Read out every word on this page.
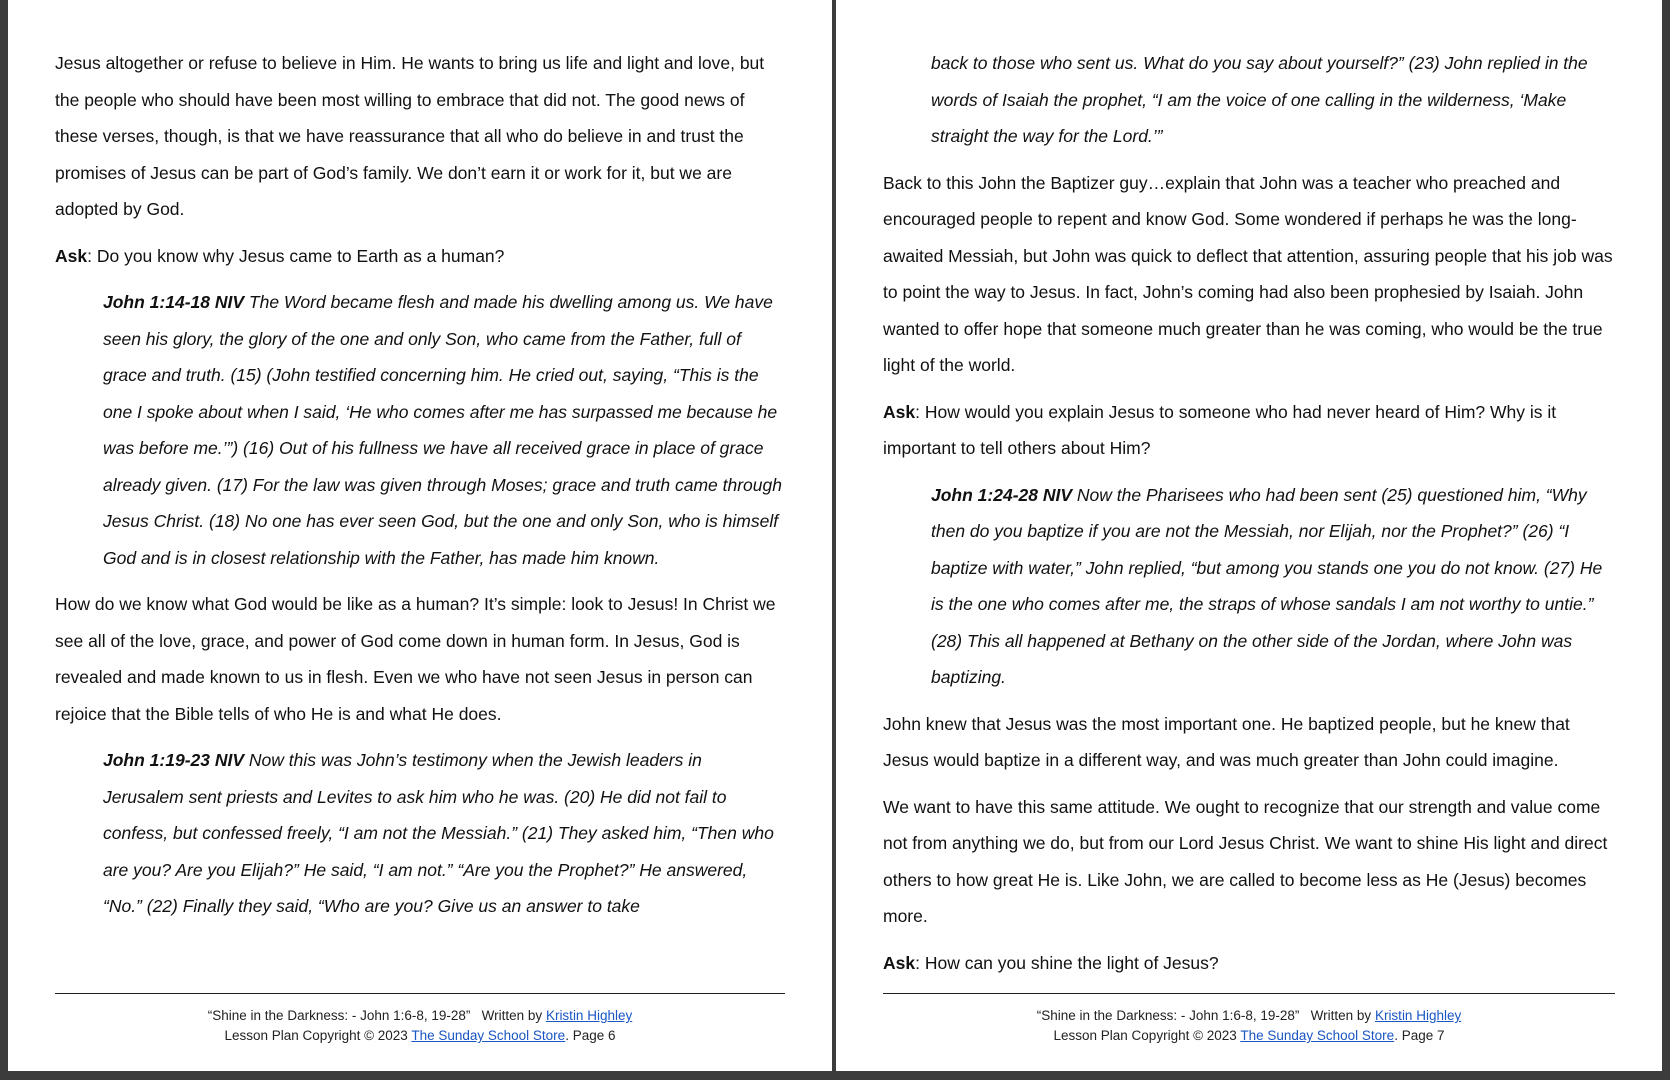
Jesus altogether or refuse to believe in Him. He wants to bring us life and light and love, but the people who should have been most willing to embrace that did not. The good news of these verses, though, is that we have reassurance that all who do believe in and trust the promises of Jesus can be part of God’s family. We don’t earn it or work for it, but we are adopted by God.

Ask: Do you know why Jesus came to Earth as a human?

John 1:14-18 NIV The Word became flesh and made his dwelling among us. We have seen his glory, the glory of the one and only Son, who came from the Father, full of grace and truth. (15) (John testified concerning him. He cried out, saying, “This is the one I spoke about when I said, ‘He who comes after me has surpassed me because he was before me.’”) (16) Out of his fullness we have all received grace in place of grace already given. (17) For the law was given through Moses; grace and truth came through Jesus Christ. (18) No one has ever seen God, but the one and only Son, who is himself God and is in closest relationship with the Father, has made him known.

How do we know what God would be like as a human? It’s simple: look to Jesus! In Christ we see all of the love, grace, and power of God come down in human form. In Jesus, God is revealed and made known to us in flesh. Even we who have not seen Jesus in person can rejoice that the Bible tells of who He is and what He does.

John 1:19-23 NIV Now this was John’s testimony when the Jewish leaders in Jerusalem sent priests and Levites to ask him who he was. (20) He did not fail to confess, but confessed freely, “I am not the Messiah.” (21) They asked him, “Then who are you? Are you Elijah?” He said, “I am not.” “Are you the Prophet?” He answered, “No.” (22) Finally they said, “Who are you? Give us an answer to take

“Shine in the Darkness: - John 1:6-8, 19-28”   Written by Kristin Highley
Lesson Plan Copyright © 2023 The Sunday School Store. Page 6

back to those who sent us. What do you say about yourself?” (23) John replied in the words of Isaiah the prophet, “I am the voice of one calling in the wilderness, ‘Make straight the way for the Lord.’”

Back to this John the Baptizer guy…explain that John was a teacher who preached and encouraged people to repent and know God. Some wondered if perhaps he was the long-awaited Messiah, but John was quick to deflect that attention, assuring people that his job was to point the way to Jesus. In fact, John’s coming had also been prophesied by Isaiah. John wanted to offer hope that someone much greater than he was coming, who would be the true light of the world.

Ask: How would you explain Jesus to someone who had never heard of Him? Why is it important to tell others about Him?

John 1:24-28 NIV Now the Pharisees who had been sent (25) questioned him, “Why then do you baptize if you are not the Messiah, nor Elijah, nor the Prophet?” (26) “I baptize with water,” John replied, “but among you stands one you do not know. (27) He is the one who comes after me, the straps of whose sandals I am not worthy to untie.” (28) This all happened at Bethany on the other side of the Jordan, where John was baptizing.

John knew that Jesus was the most important one. He baptized people, but he knew that Jesus would baptize in a different way, and was much greater than John could imagine.

We want to have this same attitude. We ought to recognize that our strength and value come not from anything we do, but from our Lord Jesus Christ. We want to shine His light and direct others to how great He is. Like John, we are called to become less as He (Jesus) becomes more.

Ask: How can you shine the light of Jesus?

“Shine in the Darkness: - John 1:6-8, 19-28”   Written by Kristin Highley
Lesson Plan Copyright © 2023 The Sunday School Store. Page 7
